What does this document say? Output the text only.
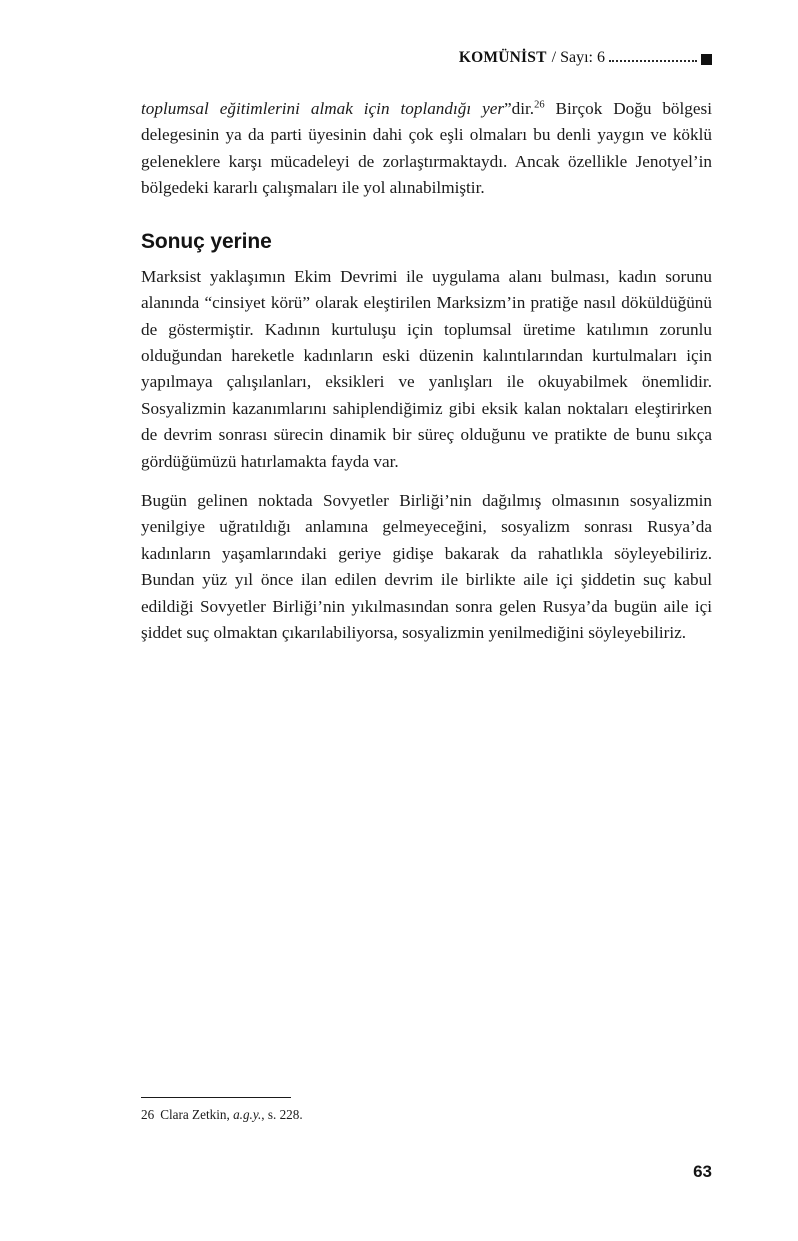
KOMÜNİST / Sayı: 6

toplumsal eğitimlerini almak için toplandığı yer”dir.$^{26}$ Birçok Doğu bölgesi delegesinin ya da parti üyesinin dahi çok eşli olmaları bu denli yaygın ve köklü geleneklere karşı mücadeleyi de zorlaştırmaktaydı. Ancak özellikle Jenotyel’in bölgedeki kararlı çalışmaları ile yol alınabilmiştir.

Sonuç yerine

Marksist yaklaşımın Ekim Devrimi ile uygulama alanı bulması, kadın sorunu alanında “cinsiyet körü” olarak eleştirilen Marksizm’in pratiğe nasıl döküldüğünü de göstermiştir. Kadının kurtuluşu için toplumsal üretime katılımın zorunlu olduğundan hareketle kadınların eski düzenin kalıntılarından kurtulmaları için yapılmaya çalışılanları, eksikleri ve yanlışları ile okuyabilmek önemlidir. Sosyalizmin kazanımlarını sahiplendiğimiz gibi eksik kalan noktaları eleştirirken de devrim sonrası sürecin dinamik bir süreç olduğunu ve pratikte de bunu sıkça gördüğümüzü hatırlamakta fayda var.

Bugün gelinen noktada Sovyetler Birliği’nin dağılmış olmasının sosyalizmin yenilgiye uğratıldığı anlamına gelmeyeceğini, sosyalizm sonrası Rusya’da kadınların yaşamlarındaki geriye gidişe bakarak da rahatlıkla söyleyebiliriz. Bundan yüz yıl önce ilan edilen devrim ile birlikte aile içi şiddetin suç kabul edildiği Sovyetler Birliği’nin yıkılmasından sonra gelen Rusya’da bugün aile içi şiddet suç olmaktan çıkarılabiliyorsa, sosyalizmin yenilmediğini söyleyebiliriz.

26 Clara Zetkin, a.g.y., s. 228.
63
